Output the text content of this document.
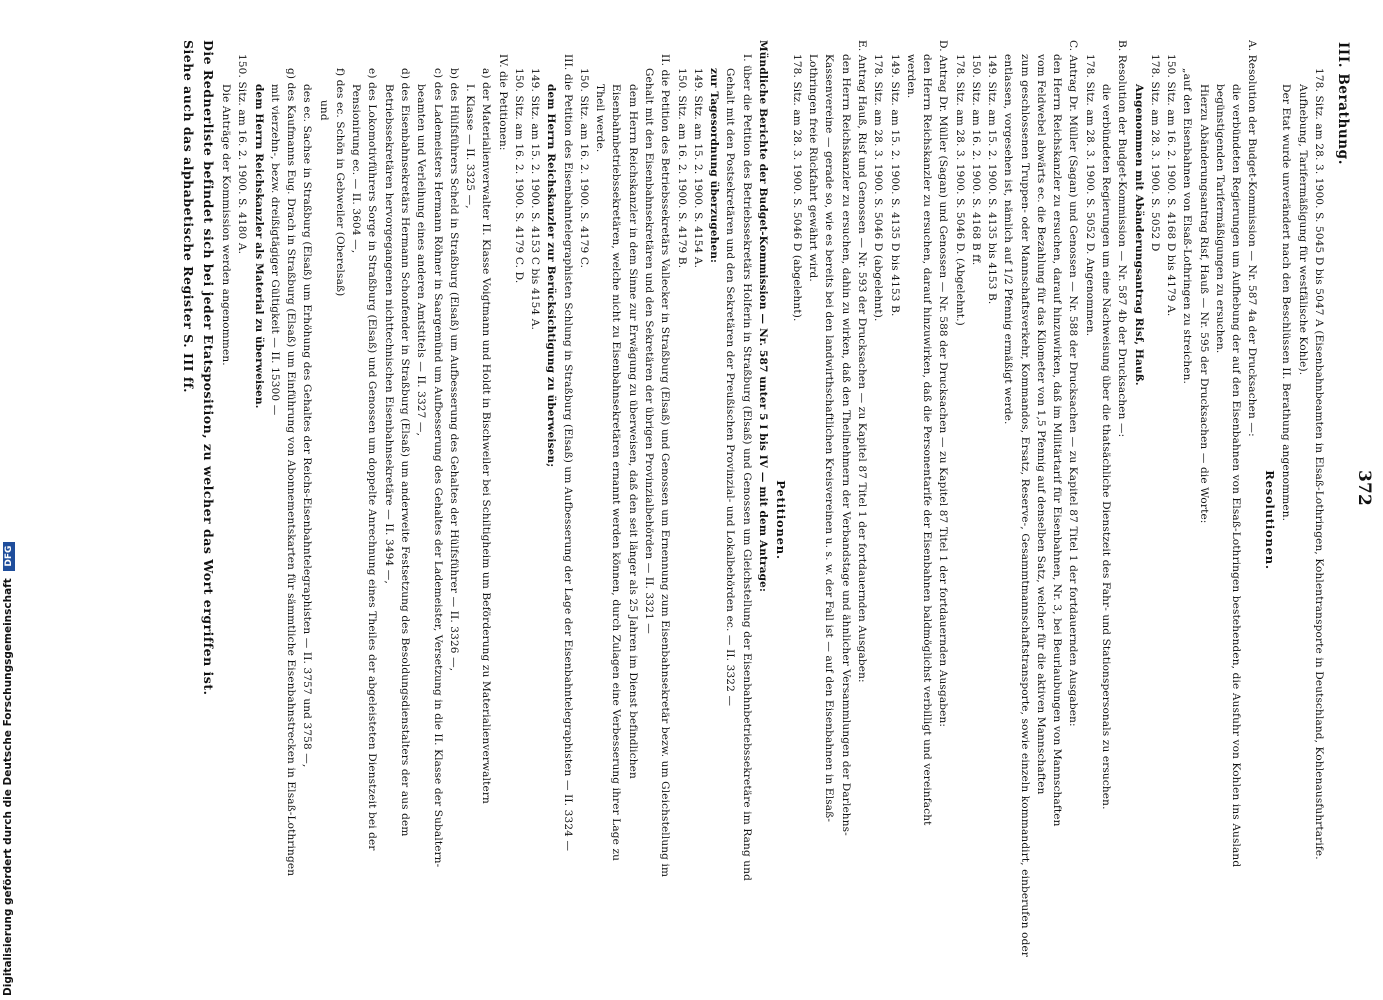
372
III. Berathung.
178. Sitz. am 28. 3. 1900. S. 5045 D bis 5047 A (Eisenbahnbeamten in Elsaß-Lothringen, Kohlentransporte in Deutschland, Kohlenausfuhrtarife.
Aufhebung, Tarifermäßigung für westfälische Kohle).
Der Etat wurde unverändert nach den Beschlüssen II. Berathung angenommen.
Resolutionen.
A. Resolution der Budget-Kommission — Nr. 587 4a der Drucksachen —:
die verbündeten Regierungen um Aufhebung der auf den Eisenbahnen von Elsaß-Lothringen bestehenden, die Ausfuhr von Kohlen ins Ausland
begünstigenden Tarifermäßigungen zu ersuchen.
Hierzu Abänderungsantrag Risf, Hauß — Nr. 595 der Drucksachen — die Worte:
„auf den Eisenbahnen von Elsaß-Lothringen zu streichen.
150. Sitz. am 16. 2. 1900. S. 4168 D bis 4179 A.
178. Sitz. am 28. 3. 1900. S. 5052 D
Angenommen mit Abänderungsantrag Risf, Hauß.
B. Resolution der Budget-Kommission — Nr. 587 4b der Drucksachen —:
die verbündeten Regierungen um eine Nachweisung über die thatsächliche Dienstzeit des Fahr- und Stationspersonals zu ersuchen.
178. Sitz. am 28. 3. 1900. S. 5052 D. Angenommen.
C. Antrag Dr. Müller (Sagan) und Genossen — Nr. 588 der Drucksachen — zu Kapitel 87 Titel 1 der fortdauernden Ausgaben:
den Herrn Reichskanzler zu ersuchen, darauf hinzuwirken, daß im Militärtarif für Eisenbahnen, Nr. 3, bei Beurlaubungen von Mannschaften
vom Feldwebel abwärts ec. die Bezahlung für das Kilometer von 1,5 Pfennig auf denselben Satz, welcher für die aktiven Mannschaften
zum geschlossenen Truppen- oder Mannschaftsverkehr, Kommandos, Ersatz, Reserve-, Gesammtmannschaftstransporte, sowie einzeln kommandirt, einberufen oder
entlassen, vorgesehen ist, nämlich auf 1/2 Pfennig ermäßigt werde.
149. Sitz. am 15. 2. 1900. S. 4135 bis 4153 B.
150. Sitz. am 16. 2. 1900. S. 4168 B ff.
178. Sitz. am 28. 3. 1900. S. 5046 D. (Abgelehnt.)
D. Antrag Dr. Müller (Sagan) und Genossen — Nr. 588 der Drucksachen — zu Kapitel 87 Titel 1 der fortdauernden Ausgaben:
den Herrn Reichskanzler zu ersuchen, darauf hinzuwirken, daß die Personentarife der Eisenbahnen baldmöglichst verbilligt und vereinfacht
werden.
149. Sitz. am 15. 2. 1900. S. 4135 D bis 4153 B.
178. Sitz. am 28. 3. 1900. S. 5046 D (abgelehnt).
E. Antrag Hauß, Risf und Genossen — Nr. 593 der Drucksachen — zu Kapitel 87 Titel 1 der fortdauernden Ausgaben:
den Herrn Reichskanzler zu ersuchen, dahin zu wirken, daß den Theilnehmern der Verbandstage und ähnlicher Versammlungen der Darlehns-
Kassenvereine — gerade so, wie es bereits bei den landwirthschaftlichen Kreisvereinen u. s. w. der Fall ist — auf den Eisenbahnen in Elsaß-
Lothringen freie Rückfahrt gewährt wird.
178. Sitz. am 28. 3. 1900. S. 5046 D (abgelehnt).
Petitionen.
Mündliche Berichte der Budget-Kommission — Nr. 587 unter 5 I bis IV — mit dem Antrage:
I. über die Petition des Betriebssekretärs Holferin in Straßburg (Elsaß) und Genossen um Gleichstellung der Eisenbahnbetriebssekretäre im Rang und
Gehalt mit den Postsekretären und den Sekretären der Preußischen Provinzial- und Lokalbehörden ec. — II. 3322 —
zur Tagesordnung überzugehen:
149. Sitz. am 15. 2. 1900. S. 4154 A.
150. Sitz. am 16. 2. 1900. S. 4179 B.
II. die Petition des Betriebssekretärs Vallecker in Straßburg (Elsaß) und Genossen um Ernennung zum Eisenbahnsekretär bezw. um Gleichstellung im
Gehalt mit den Eisenbahnsekretären und den Sekretären der übrigen Provinzialbehörden — II. 3321 —
dem Herrn Reichskanzler in dem Sinne zur Erwägung zu überweisen, daß den seit länger als 25 Jahren im Dienst befindlichen
Eisenbahnbetriebssekretären, welche nicht zu Eisenbahnsekretären ernannt werden können, durch Zulagen eine Verbesserung ihrer Lage zu
Theil werde.
150. Sitz. am 16. 2. 1900. S. 4179 C.
III. die Petition des Eisenbahntelegraphisten Schlung in Straßburg (Elsaß) um Aufbesserung der Lage der Eisenbahntelegraphisten — II. 3324 —
dem Herrn Reichskanzler zur Berücksichtigung zu überweisen;
149. Sitz. am 15. 2. 1900. S. 4153 C bis 4154 A.
150. Sitz. am 16. 2. 1900. S. 4179 C. D.
IV. die Petitionen:
a) der Materialienverwalter II. Klasse Voigtmann und Holdt in Bischweiler bei Schiltigheim um Beförderung zu Materialienverwaltern
I. Klasse — II. 3325 —,
b) des Hülfsführers Scheld in Straßburg (Elsaß) um Aufbesserung des Gehaltes der Hülfsführer — II. 3326 —,
c) des Lademeisters Hermann Röhner in Saargemünd um Aufbesserung des Gehaltes der Lademeister, Versetzung in die II. Klasse der Subaltern-
beamten und Verleihung eines anderen Amtstitels — II. 3327 —,
d) des Eisenbahnsekretärs Hermann Schonfender in Straßburg (Elsaß) um anderweite Festsetzung des Besoldungsdienstalters der aus dem
Betriebssekretären hervorgegangenen nichttechnischen Eisenbahnsekretäre — II. 3494 —,
e) des Lokomotivführers Sorge in Straßburg (Elsaß) und Genossen um doppelte Anrechnung eines Theiles der abgeleisteten Dienstzeit bei der
Pensionirung ec. — II. 3604 —,
f) des ec. Schön in Gebweiler (Oberelsaß)
und
des ec. Sachse in Straßburg (Elsaß) um Erhöhung des Gehaltes der Reichs-Eisenbahntelegraphisten — II. 3757 und 3758 —,
g) des Kaufmanns Eug. Drach in Straßburg (Elsaß) um Einführung von Abonnementskarten für sämmtliche Eisenbahnstrecken in Elsaß-Lothringen
mit vierzehn-, bezw. dreißigtägiger Gültigkeit — II. 15300 —
dem Herrn Reichskanzler als Material zu überweisen.
150. Sitz. am 16. 2. 1900. S. 4180 A.
Die Anträge der Kommission werden angenommen.
Die Rednerliste befindet sich bei jeder Etatsposition, zu welcher das Wort ergriffen ist.
Siehe auch das alphabetische Register S. III ff.
Digitalisierung gefördert durch die Deutsche Forschungsgemeinschaft DFG
